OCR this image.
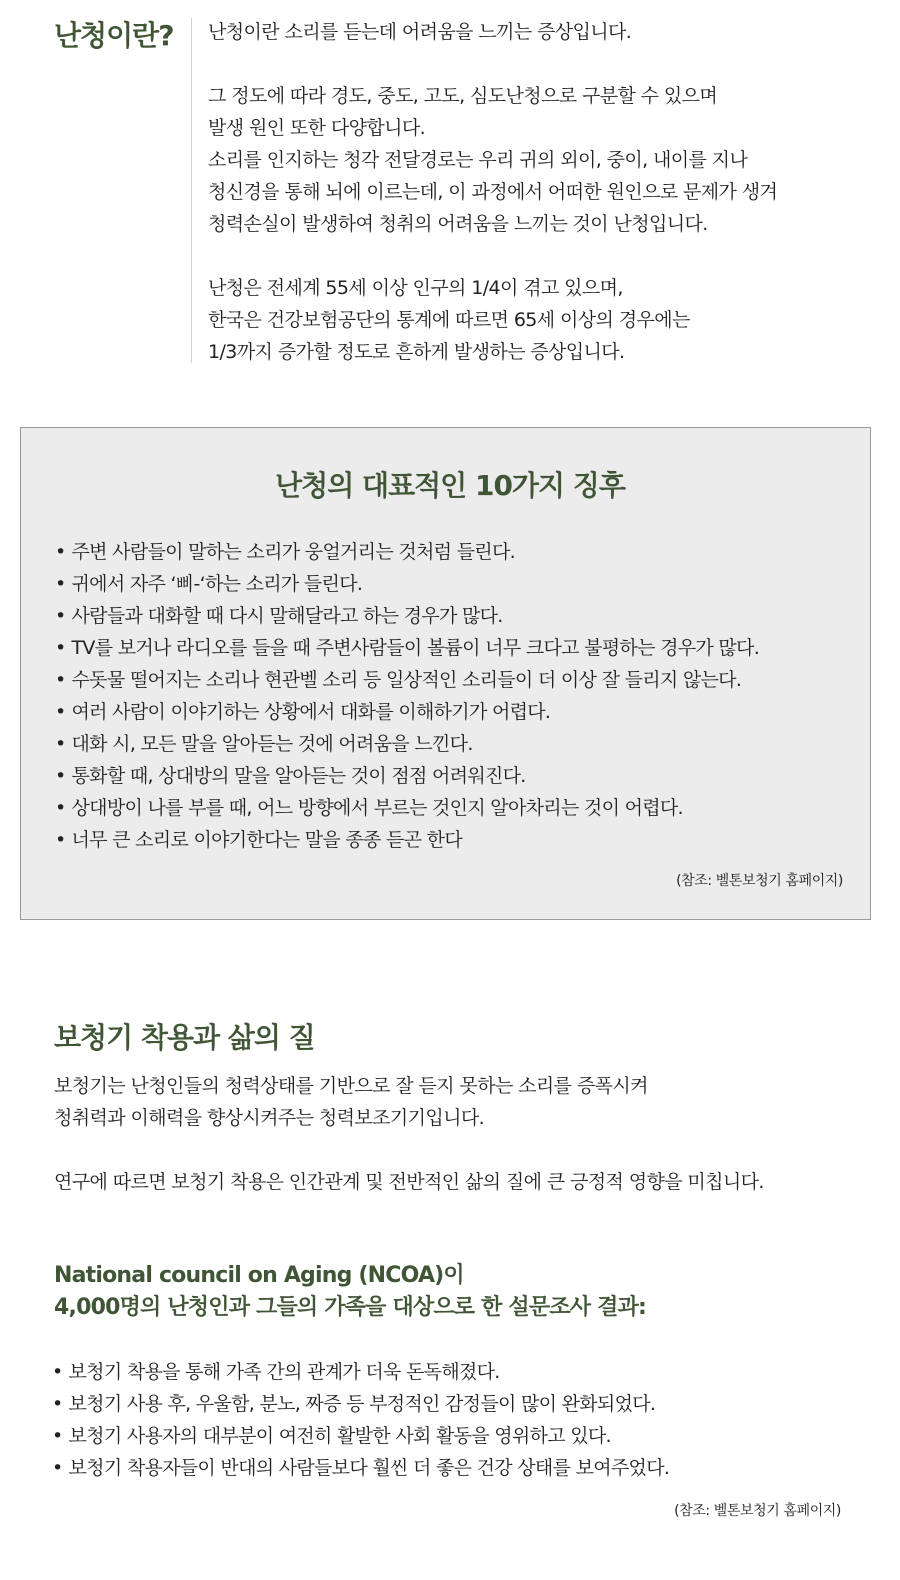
난청이란? 난청이란 소리를 듣는데 어려움을 느끼는 증상입니다.

그 정도에 따라 경도, 중도, 고도, 심도난청으로 구분할 수 있으며

발생 원인 또한 다양합니다.

소리를 인지하는 청각 전달경로는 우리 귀의 외이, 중이, 내이를 지나

청신경을 통해 뇌에 이르는데, 이 과정에서 어떠한 원인으로 문제가 생겨

청력손실이 발생하여 청취의 어려움을 느끼는 것이 난청입니다.

난청은 전세계 55세 이상 인구의 1/4이 겪고 있으며,

한국은 건강보험공단의 통계에 따르면 65세 이상의 경우에는

1/3까지 증가할 정도로 흔하게 발생하는 증상입니다.

난청의 대표적인 10가지 징후
• 주변 사람들이 말하는 소리가 웅얼거리는 것처럼 들린다.
• 귀에서 자주 ‘삐-‘하는 소리가 들린다.
• 사람들과 대화할 때 다시 말해달라고 하는 경우가 많다.
• TV를 보거나 라디오를 들을 때 주변사람들이 볼륨이 너무 크다고 불평하는 경우가 많다.
• 수돗물 떨어지는 소리나 현관벨 소리 등 일상적인 소리들이 더 이상 잘 들리지 않는다.
• 여러 사람이 이야기하는 상황에서 대화를 이해하기가 어렵다.
• 대화 시, 모든 말을 알아듣는 것에 어려움을 느낀다.
• 통화할 때, 상대방의 말을 알아듣는 것이 점점 어려워진다.
• 상대방이 나를 부를 때, 어느 방향에서 부르는 것인지 알아차리는 것이 어렵다.
• 너무 큰 소리로 이야기한다는 말을 종종 듣곤 한다

(참조: 벨톤보청기 홈페이지)

보청기 착용과 삶의 질

보청기는 난청인들의 청력상태를 기반으로 잘 듣지 못하는 소리를 증폭시켜

청취력과 이해력을 향상시켜주는 청력보조기기입니다.

연구에 따르면 보청기 착용은 인간관계 및 전반적인 삶의 질에 큰 긍정적 영향을 미칩니다.

National council on Aging (NCOA)이

4,000명의 난청인과 그들의 가족을 대상으로 한 설문조사 결과:

• 보청기 착용을 통해 가족 간의 관계가 더욱 돈독해졌다.
• 보청기 사용 후, 우울함, 분노, 짜증 등 부정적인 감정들이 많이 완화되었다.
• 보청기 사용자의 대부분이 여전히 활발한 사회 활동을 영위하고 있다.
• 보청기 착용자들이 반대의 사람들보다 훨씬 더 좋은 건강 상태를 보여주었다.

(참조: 벨톤보청기 홈페이지)
